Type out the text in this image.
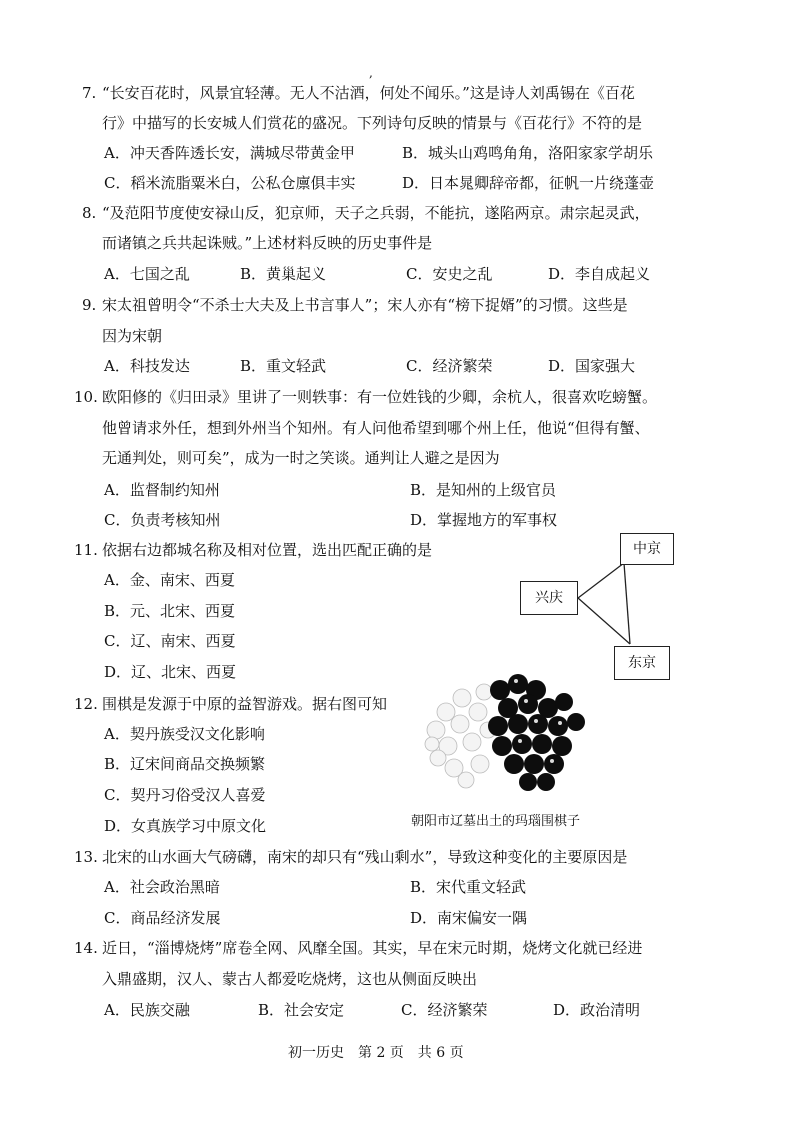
,
7. “长安百花时，风景宜轻薄。无人不沽酒，何处不闻乐。”这是诗人刘禹锡在《百花
行》中描写的长安城人们赏花的盛况。下列诗句反映的情景与《百花行》不符的是
A．冲天香阵透长安，满城尽带黄金甲	B．城头山鸡鸣角角，洛阳家家学胡乐
C．稻米流脂粟米白，公私仓廪俱丰实	D．日本晁卿辞帝都，征帆一片绕蓬壶
8. “及范阳节度使安禄山反，犯京师，天子之兵弱，不能抗，遂陷两京。肃宗起灵武，
而诸镇之兵共起诛贼。”上述材料反映的历史事件是
A．七国之乱	B．黄巢起义	C．安史之乱	D．李自成起义
9. 宋太祖曾明令“不杀士大夫及上书言事人”；宋人亦有“榜下捉婿”的习惯。这些是
因为宋朝
A．科技发达	B．重文轻武	C．经济繁荣	D．国家强大
10. 欧阳修的《归田录》里讲了一则轶事：有一位姓钱的少卿，余杭人，很喜欢吃螃蟹。
他曾请求外任，想到外州当个知州。有人问他希望到哪个州上任，他说“但得有蟹、
无通判处，则可矣”，成为一时之笑谈。通判让人避之是因为
A．监督制约知州	B．是知州的上级官员
C．负责考核知州	D．掌握地方的军事权
11. 依据右边都城名称及相对位置，选出匹配正确的是
A．金、南宋、西夏
B．元、北宋、西夏
C．辽、南宋、西夏
D．辽、北宋、西夏
中京
兴庆
东京
12. 围棋是发源于中原的益智游戏。据右图可知
A．契丹族受汉文化影响
B．辽宋间商品交换频繁
C．契丹习俗受汉人喜爱
D．女真族学习中原文化	朝阳市辽墓出土的玛瑙围棋子
13. 北宋的山水画大气磅礴，南宋的却只有“残山剩水”，导致这种变化的主要原因是
A．社会政治黑暗	B．宋代重文轻武
C．商品经济发展	D．南宋偏安一隅
14. 近日，“淄博烧烤”席卷全网、风靡全国。其实，早在宋元时期，烧烤文化就已经进
入鼎盛期，汉人、蒙古人都爱吃烧烤，这也从侧面反映出
A．民族交融	B．社会安定	C．经济繁荣	D．政治清明
初一历史　第 2 页　共 6 页
